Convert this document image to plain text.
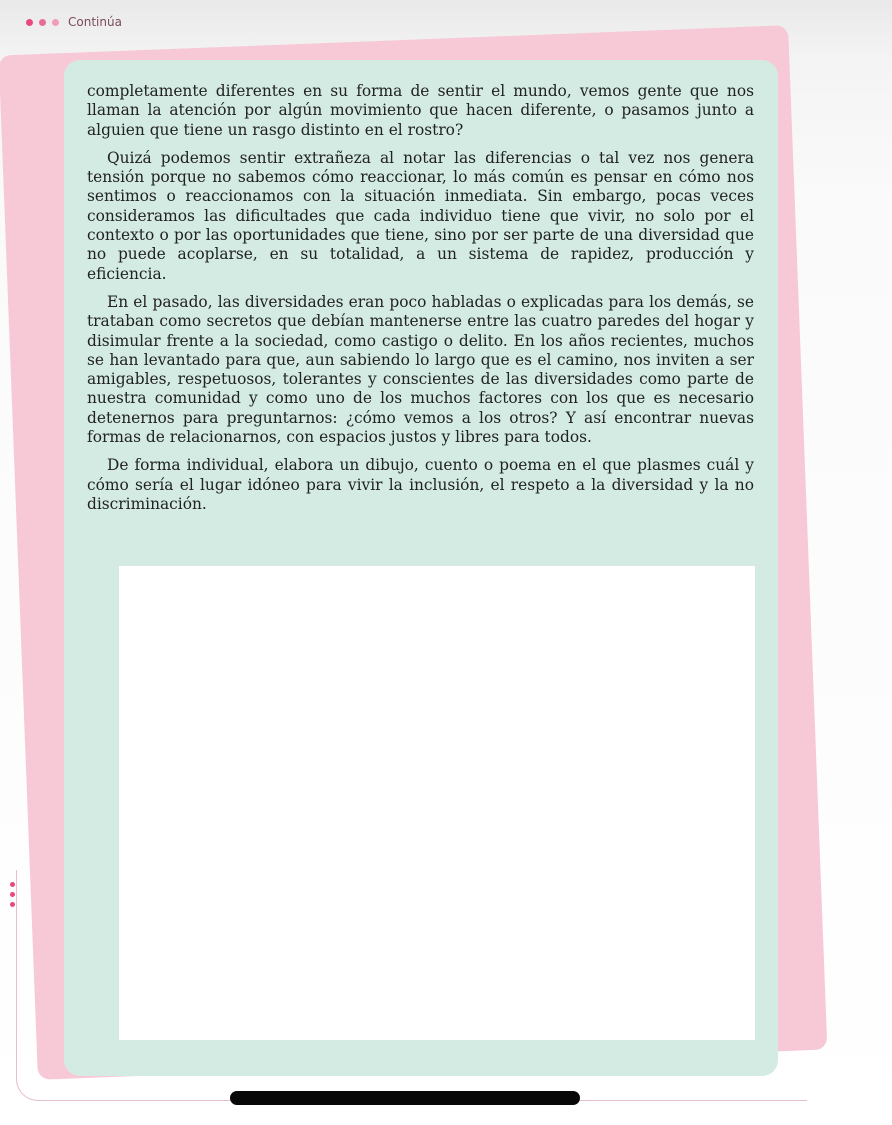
Continúa

completamente diferentes en su forma de sentir el mundo, vemos gente que nos llaman la atención por algún movimiento que hacen diferente, o pasamos junto a alguien que tiene un rasgo distinto en el rostro?

Quizá podemos sentir extrañeza al notar las diferencias o tal vez nos genera tensión porque no sabemos cómo reaccionar, lo más común es pensar en cómo nos sentimos o reaccionamos con la situación inmediata. Sin embargo, pocas veces consideramos las dificultades que cada individuo tiene que vivir, no solo por el contexto o por las oportunidades que tiene, sino por ser parte de una diversidad que no puede acoplarse, en su totalidad, a un sistema de rapidez, producción y eficiencia.

En el pasado, las diversidades eran poco habladas o explicadas para los demás, se trataban como secretos que debían mantenerse entre las cuatro paredes del hogar y disimular frente a la sociedad, como castigo o delito. En los años recientes, muchos se han levantado para que, aun sabiendo lo largo que es el camino, nos inviten a ser amigables, respetuosos, tolerantes y conscientes de las diversidades como parte de nuestra comunidad y como uno de los muchos factores con los que es necesario detenernos para preguntarnos: ¿cómo vemos a los otros? Y así encontrar nuevas formas de relacionarnos, con espacios justos y libres para todos.

De forma individual, elabora un dibujo, cuento o poema en el que plasmes cuál y cómo sería el lugar idóneo para vivir la inclusión, el respeto a la diversidad y la no discriminación.
